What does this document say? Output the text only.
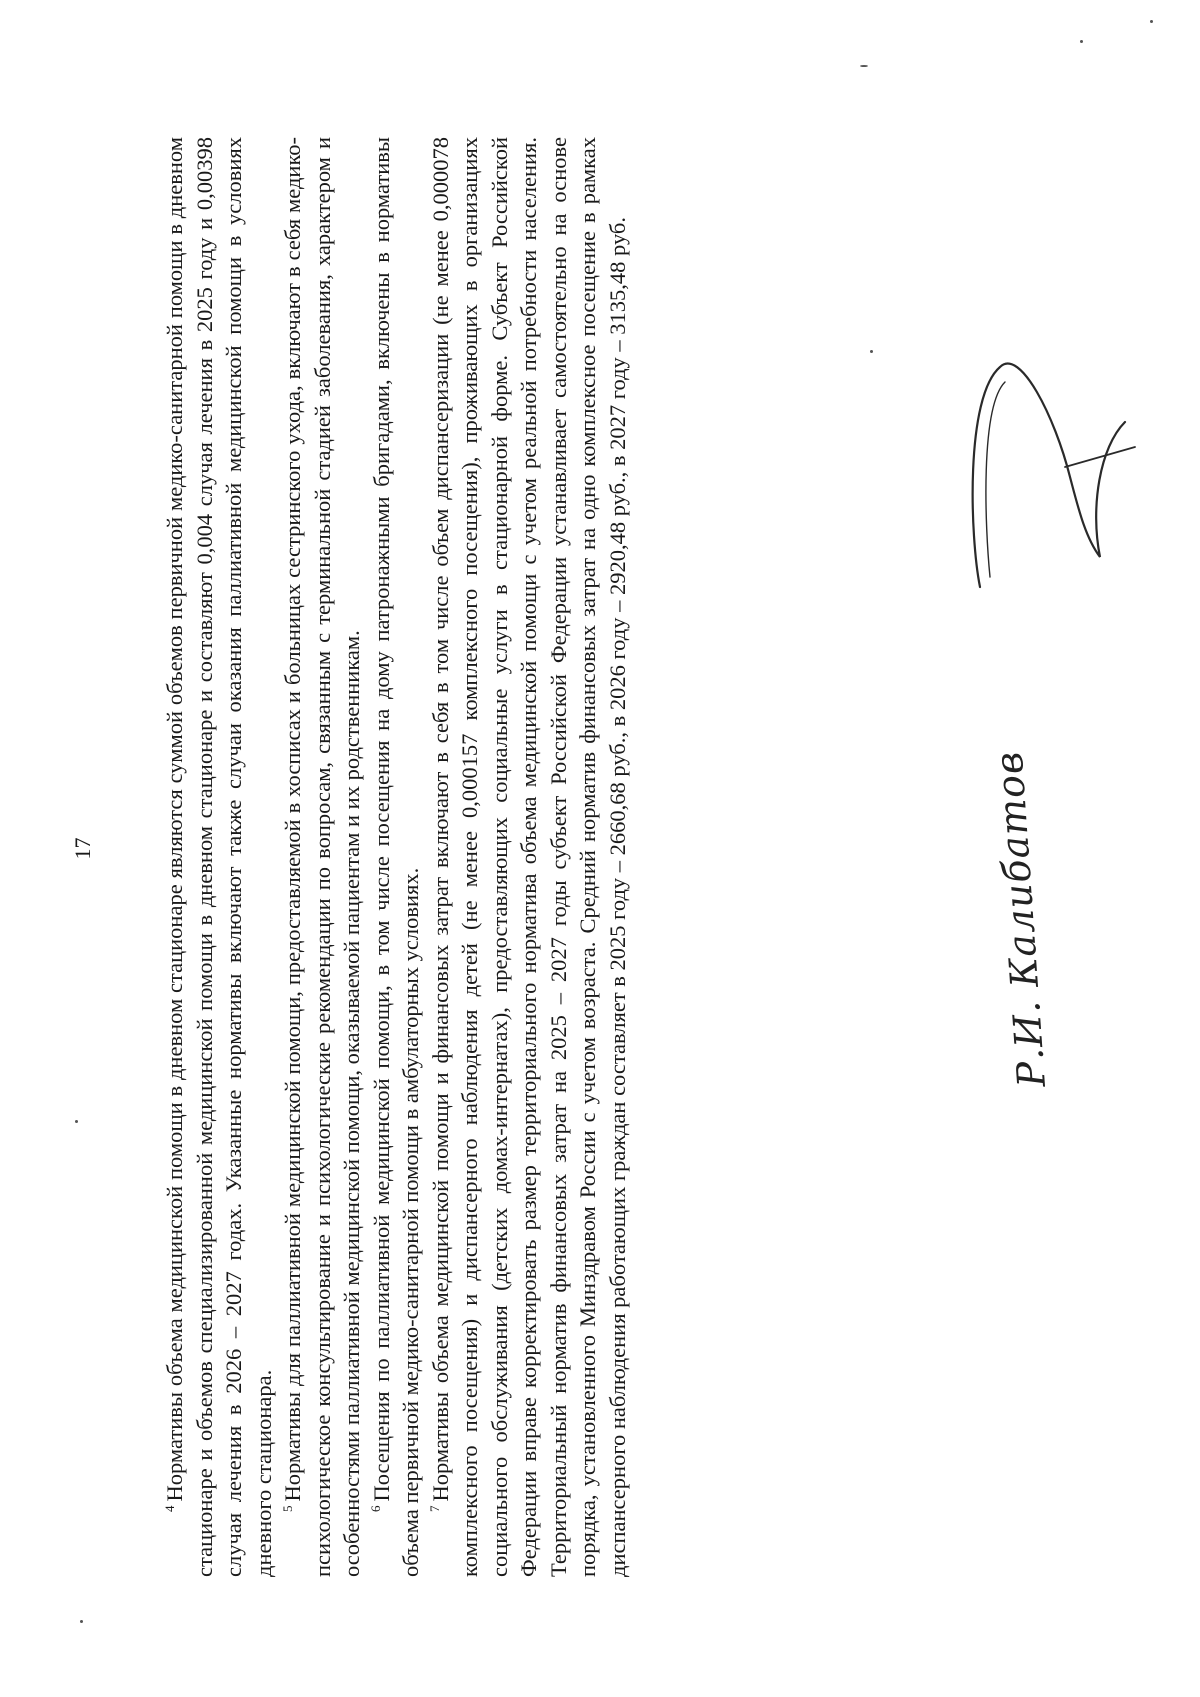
17

$^4$Нормативы объема медицинской помощи в дневном стационаре являются суммой объемов первичной медико-санитарной помощи в дневном стационаре и объемов специализированной медицинской помощи в дневном стационаре и составляют 0,004 случая лечения в 2025 году и 0,00398 случая лечения в 2026 – 2027 годах. Указанные нормативы включают также случаи оказания паллиативной медицинской помощи в условиях дневного стационара. $^5$Нормативы для паллиативной медицинской помощи, предоставляемой в хосписах и больницах сестринского ухода, включают в себя медико-психологическое консультирование и психологические рекомендации по вопросам, связанным с терминальной стадией заболевания, характером и особенностями паллиативной медицинской помощи, оказываемой пациентам и их родственникам. $^6$Посещения по паллиативной медицинской помощи, в том числе посещения на дому патронажными бригадами, включены в нормативы объема первичной медико-санитарной помощи в амбулаторных условиях. $^7$Нормативы объема медицинской помощи и финансовых затрат включают в себя в том числе объем диспансеризации (не менее 0,000078 комплексного посещения) и диспансерного наблюдения детей (не менее 0,000157 комплексного посещения), проживающих в организациях социального обслуживания (детских домах-интернатах), предоставляющих социальные услуги в стационарной форме. Субъект Российской Федерации вправе корректировать размер территориального норматива объема медицинской помощи с учетом реальной потребности населения. Территориальный норматив финансовых затрат на 2025 – 2027 годы субъект Российской Федерации устанавливает самостоятельно на основе порядка, установленного Минздравом России с учетом возраста. Средний норматив финансовых затрат на одно комплексное посещение в рамках диспансерного наблюдения работающих граждан составляет в 2025 году – 2660,68 руб., в 2026 году – 2920,48 руб., в 2027 году – 3135,48 руб.	Р.И. Калибатов
